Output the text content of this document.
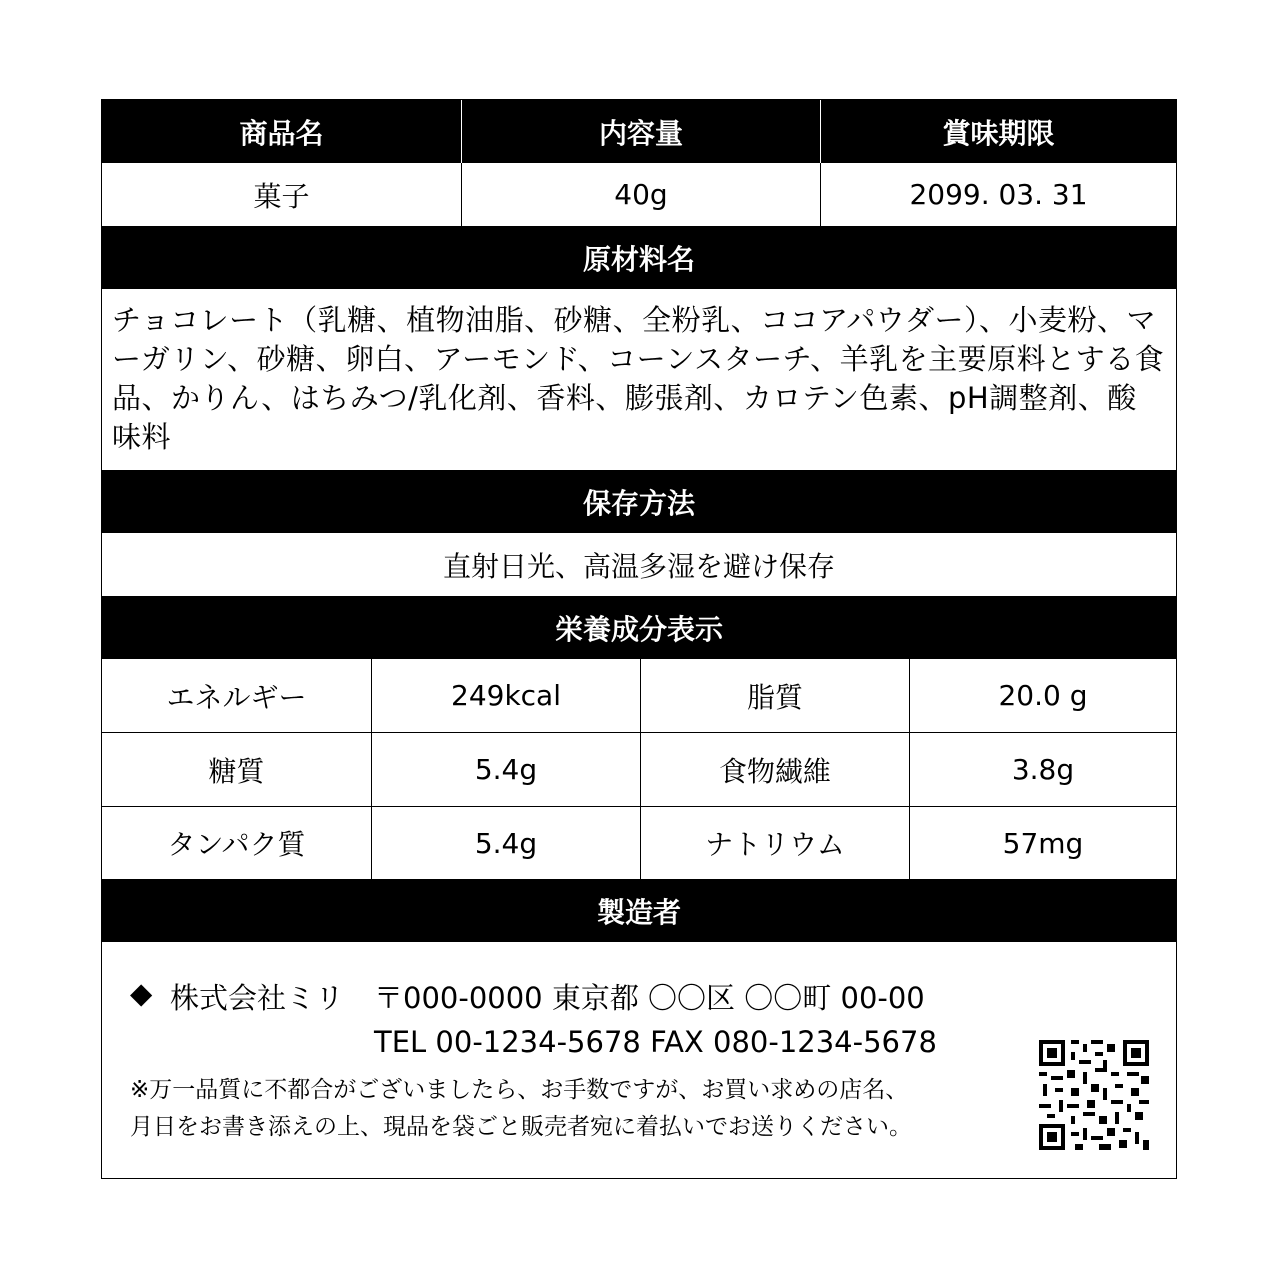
商品名	内容量	賞味期限
菓子	40g	2099. 03. 31
原材料名
チョコレート（乳糖、植物油脂、砂糖、全粉乳、ココアパウダー）、小麦粉、マーガリン、砂糖、卵白、アーモンド、コーンスターチ、羊乳を主要原料とする食品、かりん、はちみつ/乳化剤、香料、膨張剤、カロテン色素、pH調整剤、酸味料
保存方法
直射日光、高温多湿を避け保存
栄養成分表示
エネルギー	249kcal	脂質	20.0 g
糖質	5.4g	食物繊維	3.8g
タンパク質	5.4g	ナトリウム	57mg
製造者
◆ 株式会社ミリ 〒000-0000 東京都 〇〇区 〇〇町 00-00
TEL 00-1234-5678 FAX 080-1234-5678
※万一品質に不都合がございましたら、お手数ですが、お買い求めの店名、
月日をお書き添えの上、現品を袋ごと販売者宛に着払いでお送りください。
